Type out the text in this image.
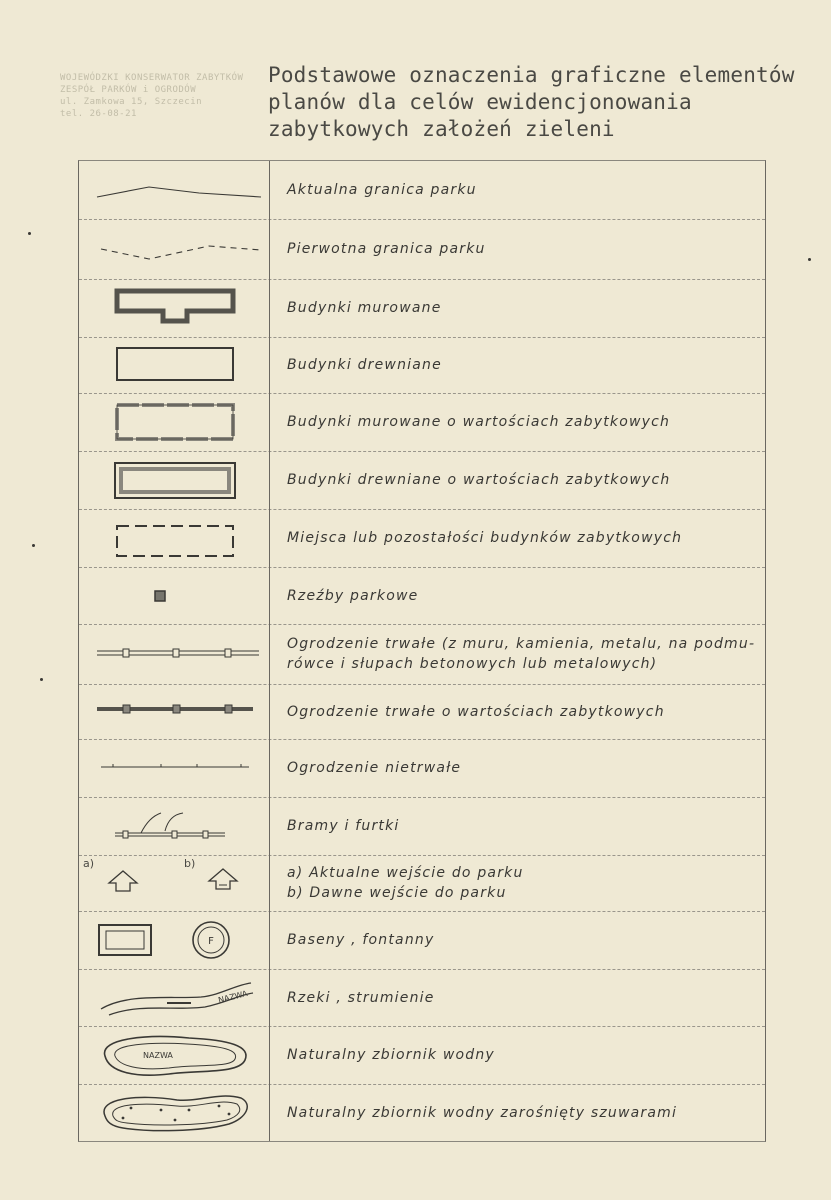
WOJEWÓDZKI KONSERWATOR ZABYTKÓW
ZESPÓŁ PARKÓW i OGRODÓW
ul. Zamkowa 15, Szczecin
tel. 26-08-21
Podstawowe oznaczenia graficzne elementów
planów dla celów ewidencjonowania
zabytkowych założeń zieleni
Aktualna granica parku
Pierwotna granica parku
Budynki murowane
Budynki drewniane
Budynki murowane o wartościach zabytkowych
Budynki drewniane o wartościach zabytkowych
Miejsca lub pozostałości budynków zabytkowych
Rzeźby parkowe
Ogrodzenie trwałe (z muru, kamienia, metalu, na podmu-
rówce i słupach betonowych lub metalowych)
Ogrodzenie trwałe o wartościach zabytkowych
Ogrodzenie nietrwałe
Bramy i furtki
a)	b)
a) Aktualne wejście do parku
b) Dawne wejście do parku
F	Baseny , fontanny
NAZWA	Rzeki , strumienie
NAZWA	Naturalny zbiornik wodny
Naturalny zbiornik wodny zarośnięty szuwarami
